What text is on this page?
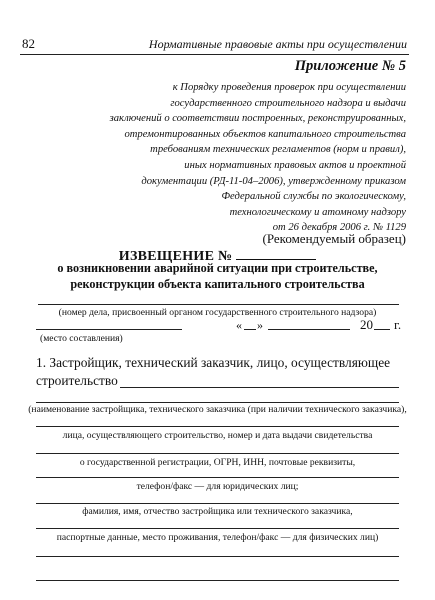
82	Нормативные правовые акты при осуществлении
Приложение № 5
к Порядку проведения проверок при осуществлении
государственного строительного надзора и выдачи
заключений о соответствии построенных, реконструированных,
отремонтированных объектов капитального строительства
требованиям технических регламентов (норм и правил),
иных нормативных правовых актов и проектной
документации (РД-11-04–2006), утвержденному приказом
Федеральной службы по экологическому,
технологическому и атомному надзору
от 26 декабря 2006 г. № 1129
(Рекомендуемый образец)
ИЗВЕЩЕНИЕ №
о возникновении аварийной ситуации при строительстве,
реконструкции объекта капитального строительства
(номер дела, присвоенный органом государственного строительного надзора)
« »	20 г.
(место составления)
1. Застройщик, технический заказчик, лицо, осуществляющее
строительство
(наименование застройщика, технического заказчика (при наличии технического заказчика),
лица, осуществляющего строительство, номер и дата выдачи свидетельства
о государственной регистрации, ОГРН, ИНН, почтовые реквизиты,
телефон/факс — для юридических лиц;
фамилия, имя, отчество застройщика или технического заказчика,
паспортные данные, место проживания, телефон/факс — для физических лиц)
